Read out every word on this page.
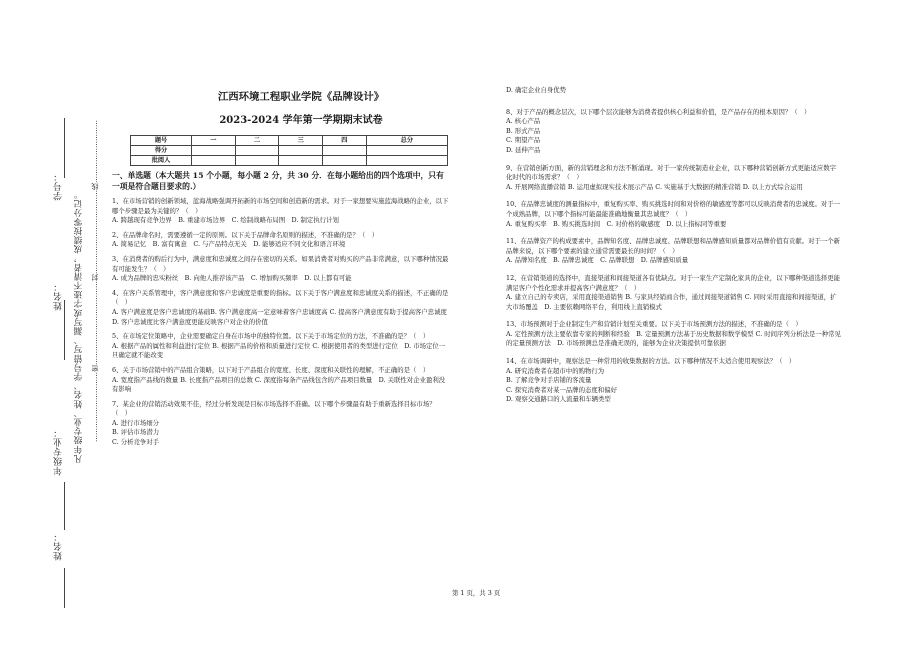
学号：
姓名：
年级专业：
姓名：
凡年级专业、姓名、学号错写、漏写或字迹不清者，成绩按零分记。 …………………………密………………………………封………………………………线………………………
江西环境工程职业学院《品牌设计》
2023-2024 学年第一学期期末试卷
题号	一	二	三	四	总分
得分					
批阅人					
一、单选题（本大题共 15 个小题，每小题 2 分，共 30 分．在每小题给出的四个选项中，只有一项是符合题目要求的.）

1、在市场营销的创新领域，蓝海战略强调开拓新的市场空间和创造新的需求。对于一家想要实施蓝海战略的企业，以下哪个步骤是最为关键的？（　）

A. 跨越现有竞争边界　B. 重建市场边界　C. 绘制战略布局图　D. 制定执行计划

2、在品牌命名时，需要遵循一定的原则。以下关于品牌命名原则的描述，不准确的是？（　）

A. 简易记忆　B. 富有寓意　C. 与产品特点无关　D. 能够适应不同文化和语言环境

3、在消费者的购后行为中，满意度和忠诚度之间存在密切的关系。如果消费者对购买的产品非常满意，以下哪种情况最有可能发生？（　）

A. 成为品牌的忠实粉丝　B. 向他人推荐该产品　C. 增加购买频率　D. 以上都有可能

4、在客户关系管理中，客户满意度和客户忠诚度是重要的指标。以下关于客户满意度和忠诚度关系的描述，不正确的是（　）

A. 客户满意度是客户忠诚度的基础B. 客户满意度高一定意味着客户忠诚度高 C. 提高客户满意度有助于提高客户忠诚度　D. 客户忠诚度比客户满意度更能反映客户对企业的价值

5、在市场定位策略中，企业需要确定自身在市场中的独特位置。以下关于市场定位的方法，不准确的是？（　）

A. 根据产品的属性和利益进行定位 B. 根据产品的价格和质量进行定位 C. 根据使用者的类型进行定位　D. 市场定位一旦确定就不能改变

6、关于市场营销中的产品组合策略，以下对于产品组合的宽度、长度、深度和关联性的理解，不正确的是（　）

A. 宽度指产品线的数量 B. 长度指产品项目的总数 C. 深度指每条产品线包含的产品项目数量　D. 关联性对企业盈利没有影响

7、某企业的营销活动效果不佳，经过分析发现是目标市场选择不准确。以下哪个步骤最有助于重新选择目标市场？（　）

A. 进行市场细分

B. 评估市场潜力

C. 分析竞争对手

D. 确定企业自身优势

8、对于产品的概念层次，以下哪个层次能够为消费者提供核心利益和价值，是产品存在的根本原因？（　）

A. 核心产品

B. 形式产品

C. 期望产品

D. 延伸产品

9、在营销创新方面，新的营销理念和方法不断涌现。对于一家传统制造业企业，以下哪种营销创新方式更能适应数字化时代的市场需求？（　）

A. 开展网络直播营销 B. 运用虚拟现实技术展示产品 C. 实施基于大数据的精准营销 D. 以上方式综合运用

10、在品牌忠诚度的测量指标中，重复购买率、购买挑选时间和对价格的敏感度等都可以反映消费者的忠诚度。对于一个成熟品牌，以下哪个指标可能最能准确地衡量其忠诚度？（　）

A. 重复购买率　B. 购买挑选时间　C. 对价格的敏感度　D. 以上指标同等重要

11、在品牌资产的构成要素中，品牌知名度、品牌忠诚度、品牌联想和品牌感知质量都对品牌价值有贡献。对于一个新品牌来说，以下哪个要素的建立通常需要最长的时间？（　）

A. 品牌知名度　B. 品牌忠诚度　C. 品牌联想　D. 品牌感知质量

12、在营销渠道的选择中，直接渠道和间接渠道各有优缺点。对于一家生产定制化家具的企业，以下哪种渠道选择更能满足客户个性化需求并提高客户满意度？（　）

A. 建立自己的专卖店，采用直接渠道销售 B. 与家具经销商合作，通过间接渠道销售 C. 同时采用直接和间接渠道，扩大市场覆盖　D. 主要依赖网络平台，利用线上直销模式

13、市场预测对于企业制定生产和营销计划至关重要。以下关于市场预测方法的描述，不准确的是（　）

A. 定性预测方法主要依靠专家的判断和经验　B. 定量预测方法基于历史数据和数学模型 C. 时间序列分析法是一种常见的定量预测方法　D. 市场预测总是准确无误的，能够为企业决策提供可靠依据

14、在市场调研中，观察法是一种常用的收集数据的方法。以下哪种情况不太适合使用观察法？（　）

A. 研究消费者在超市中的购物行为

B. 了解竞争对手店铺的客流量

C. 探究消费者对某一品牌的态度和偏好

D. 观察交通路口的人流量和车辆类型

第 1 页，共 3 页
